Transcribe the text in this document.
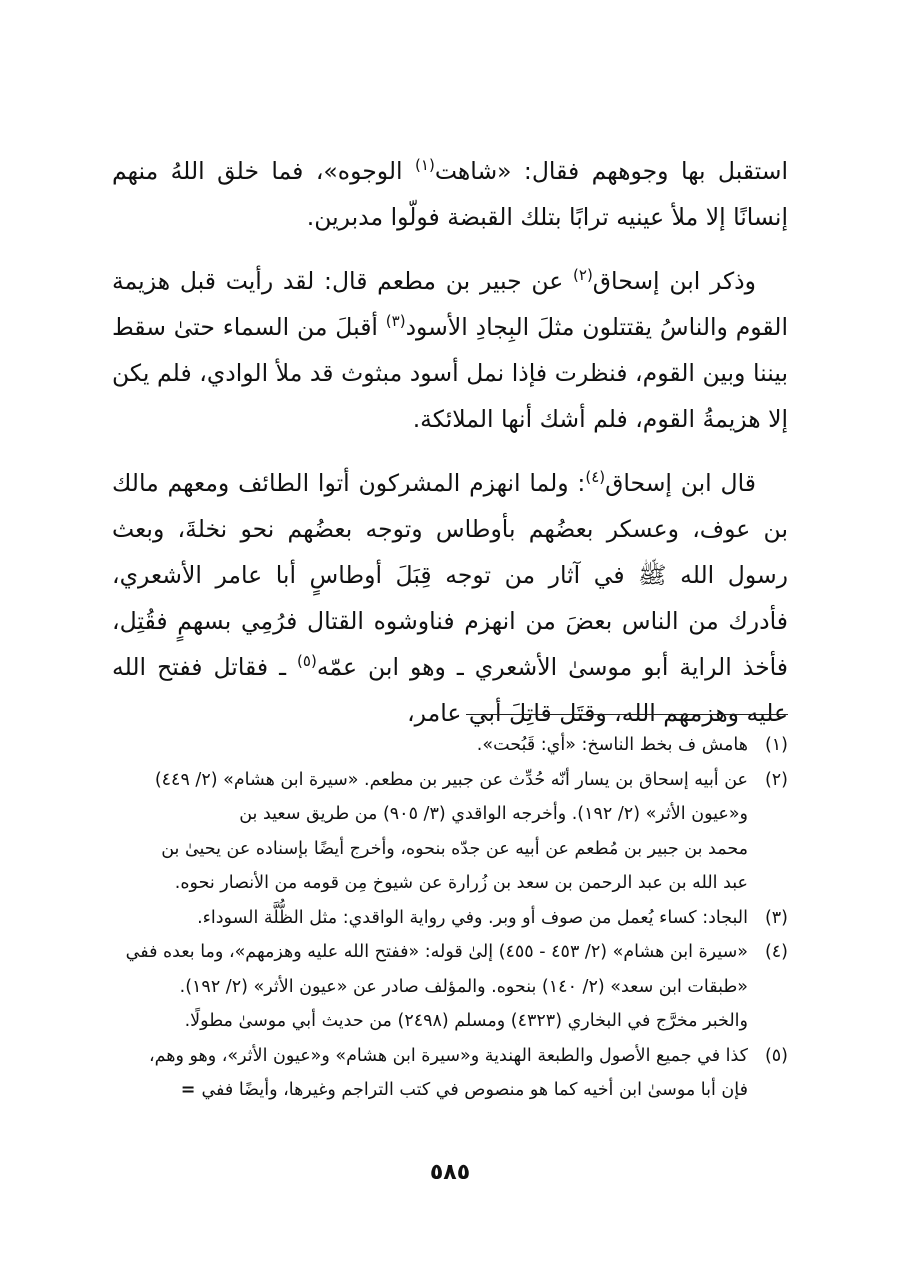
استقبل بها وجوههم فقال: «شاهت$^{(١)}$ الوجوه»، فما خلق اللهُ منهم إنسانًا إلا ملأ عينيه ترابًا بتلك القبضة فولّوا مدبرين.

وذكر ابن إسحاق$^{(٢)}$ عن جبير بن مطعم قال: لقد رأيت قبل هزيمة القوم والناسُ يقتتلون مثلَ البِجادِ الأسود$^{(٣)}$ أقبلَ من السماء حتىٰ سقط بيننا وبين القوم، فنظرت فإذا نمل أسود مبثوث قد ملأ الوادي، فلم يكن إلا هزيمةُ القوم، فلم أشك أنها الملائكة.

قال ابن إسحاق$^{(٤)}$: ولما انهزم المشركون أتوا الطائف ومعهم مالك بن عوف، وعسكر بعضُهم بأوطاس وتوجه بعضُهم نحو نخلةَ، وبعث رسول الله ﷺ في آثار من توجه قِبَلَ أوطاسٍ أبا عامر الأشعري، فأدرك من الناس بعضَ من انهزم فناوشوه القتال فرُمِي بسهمٍ فقُتِل، فأخذ الراية أبو موسىٰ الأشعري ـ وهو ابن عمّه$^{(٥)}$ ـ فقاتل ففتح الله عليه وهزمهم الله، وقتَل قاتِلَ أبي عامر،

(١)
هامش ف بخط الناسخ: «أي: قَبُحت».
(٢)
عن أبيه إسحاق بن يسار أنّه حُدِّث عن جبير بن مطعم. «سيرة ابن هشام» (٢/ ٤٤٩)
و«عيون الأثر» (٢/ ١٩٢). وأخرجه الواقدي (٣/ ٩٠٥) من طريق سعيد بن
محمد بن جبير بن مُطعم عن أبيه عن جدّه بنحوه، وأخرج أيضًا بإسناده عن يحيىٰ بن
عبد الله بن عبد الرحمن بن سعد بن زُرارة عن شيوخ مِن قومه من الأنصار نحوه.
(٣)
البجاد: كساء يُعمل من صوف أو وبر. وفي رواية الواقدي: مثل الظُّلَّة السوداء.
(٤)
«سيرة ابن هشام» (٢/ ٤٥٣ - ٤٥٥) إلىٰ قوله: «ففتح الله عليه وهزمهم»، وما بعده ففي
«طبقات ابن سعد» (٢/ ١٤٠) بنحوه. والمؤلف صادر عن «عيون الأثر» (٢/ ١٩٢).
والخبر مخرَّج في البخاري (٤٣٢٣) ومسلم (٢٤٩٨) من حديث أبي موسىٰ مطولًا.
(٥)
كذا في جميع الأصول والطبعة الهندية و«سيرة ابن هشام» و«عيون الأثر»، وهو وهم،
فإن أبا موسىٰ ابن أخيه كما هو منصوص في كتب التراجم وغيرها، وأيضًا ففي=
٥٨٥
